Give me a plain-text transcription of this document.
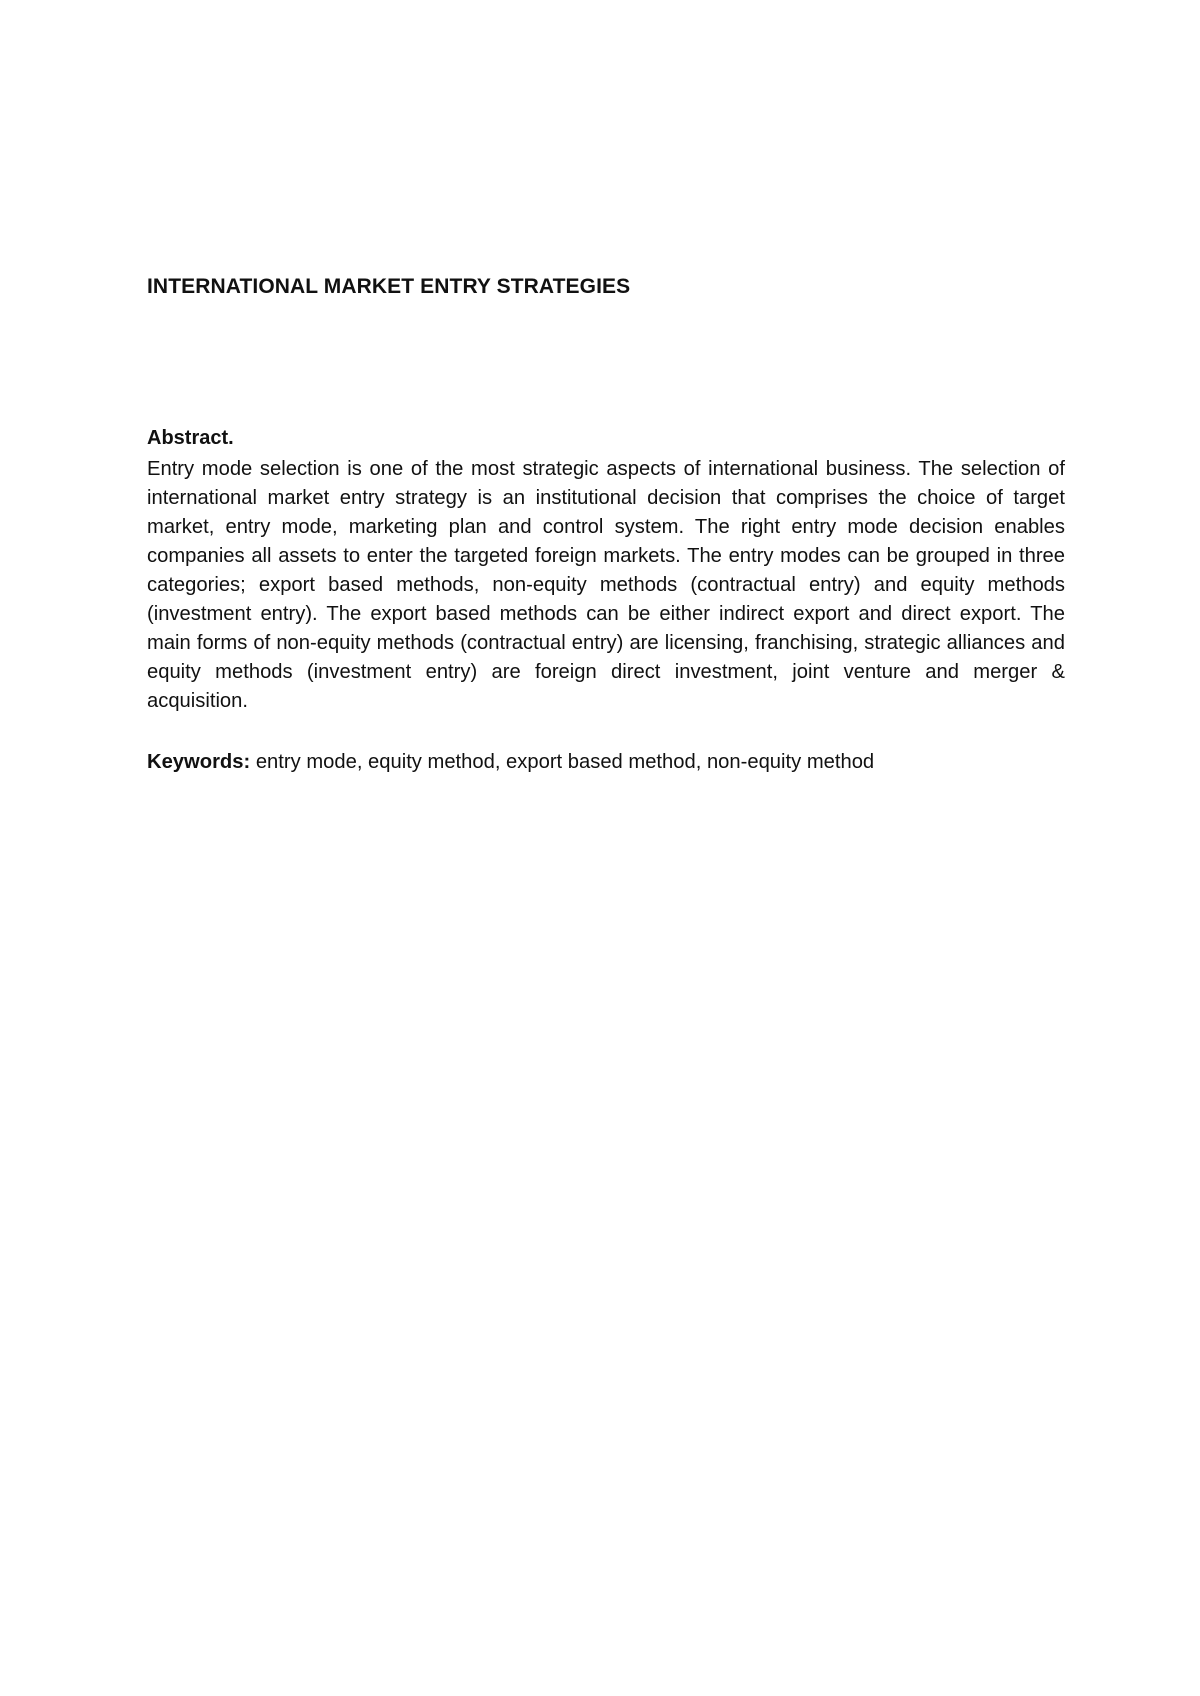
INTERNATIONAL MARKET ENTRY STRATEGIES

Abstract.

Entry mode selection is one of the most strategic aspects of international business. The selection of international market entry strategy is an institutional decision that comprises the choice of target market, entry mode, marketing plan and control system. The right entry mode decision enables companies all assets to enter the targeted foreign markets. The entry modes can be grouped in three categories; export based methods, non-equity methods (contractual entry) and equity methods (investment entry). The export based methods can be either indirect export and direct export. The main forms of non-equity methods (contractual entry) are licensing, franchising, strategic alliances and equity methods (investment entry) are foreign direct investment, joint venture and merger & acquisition.

Keywords: entry mode, equity method, export based method, non-equity method
